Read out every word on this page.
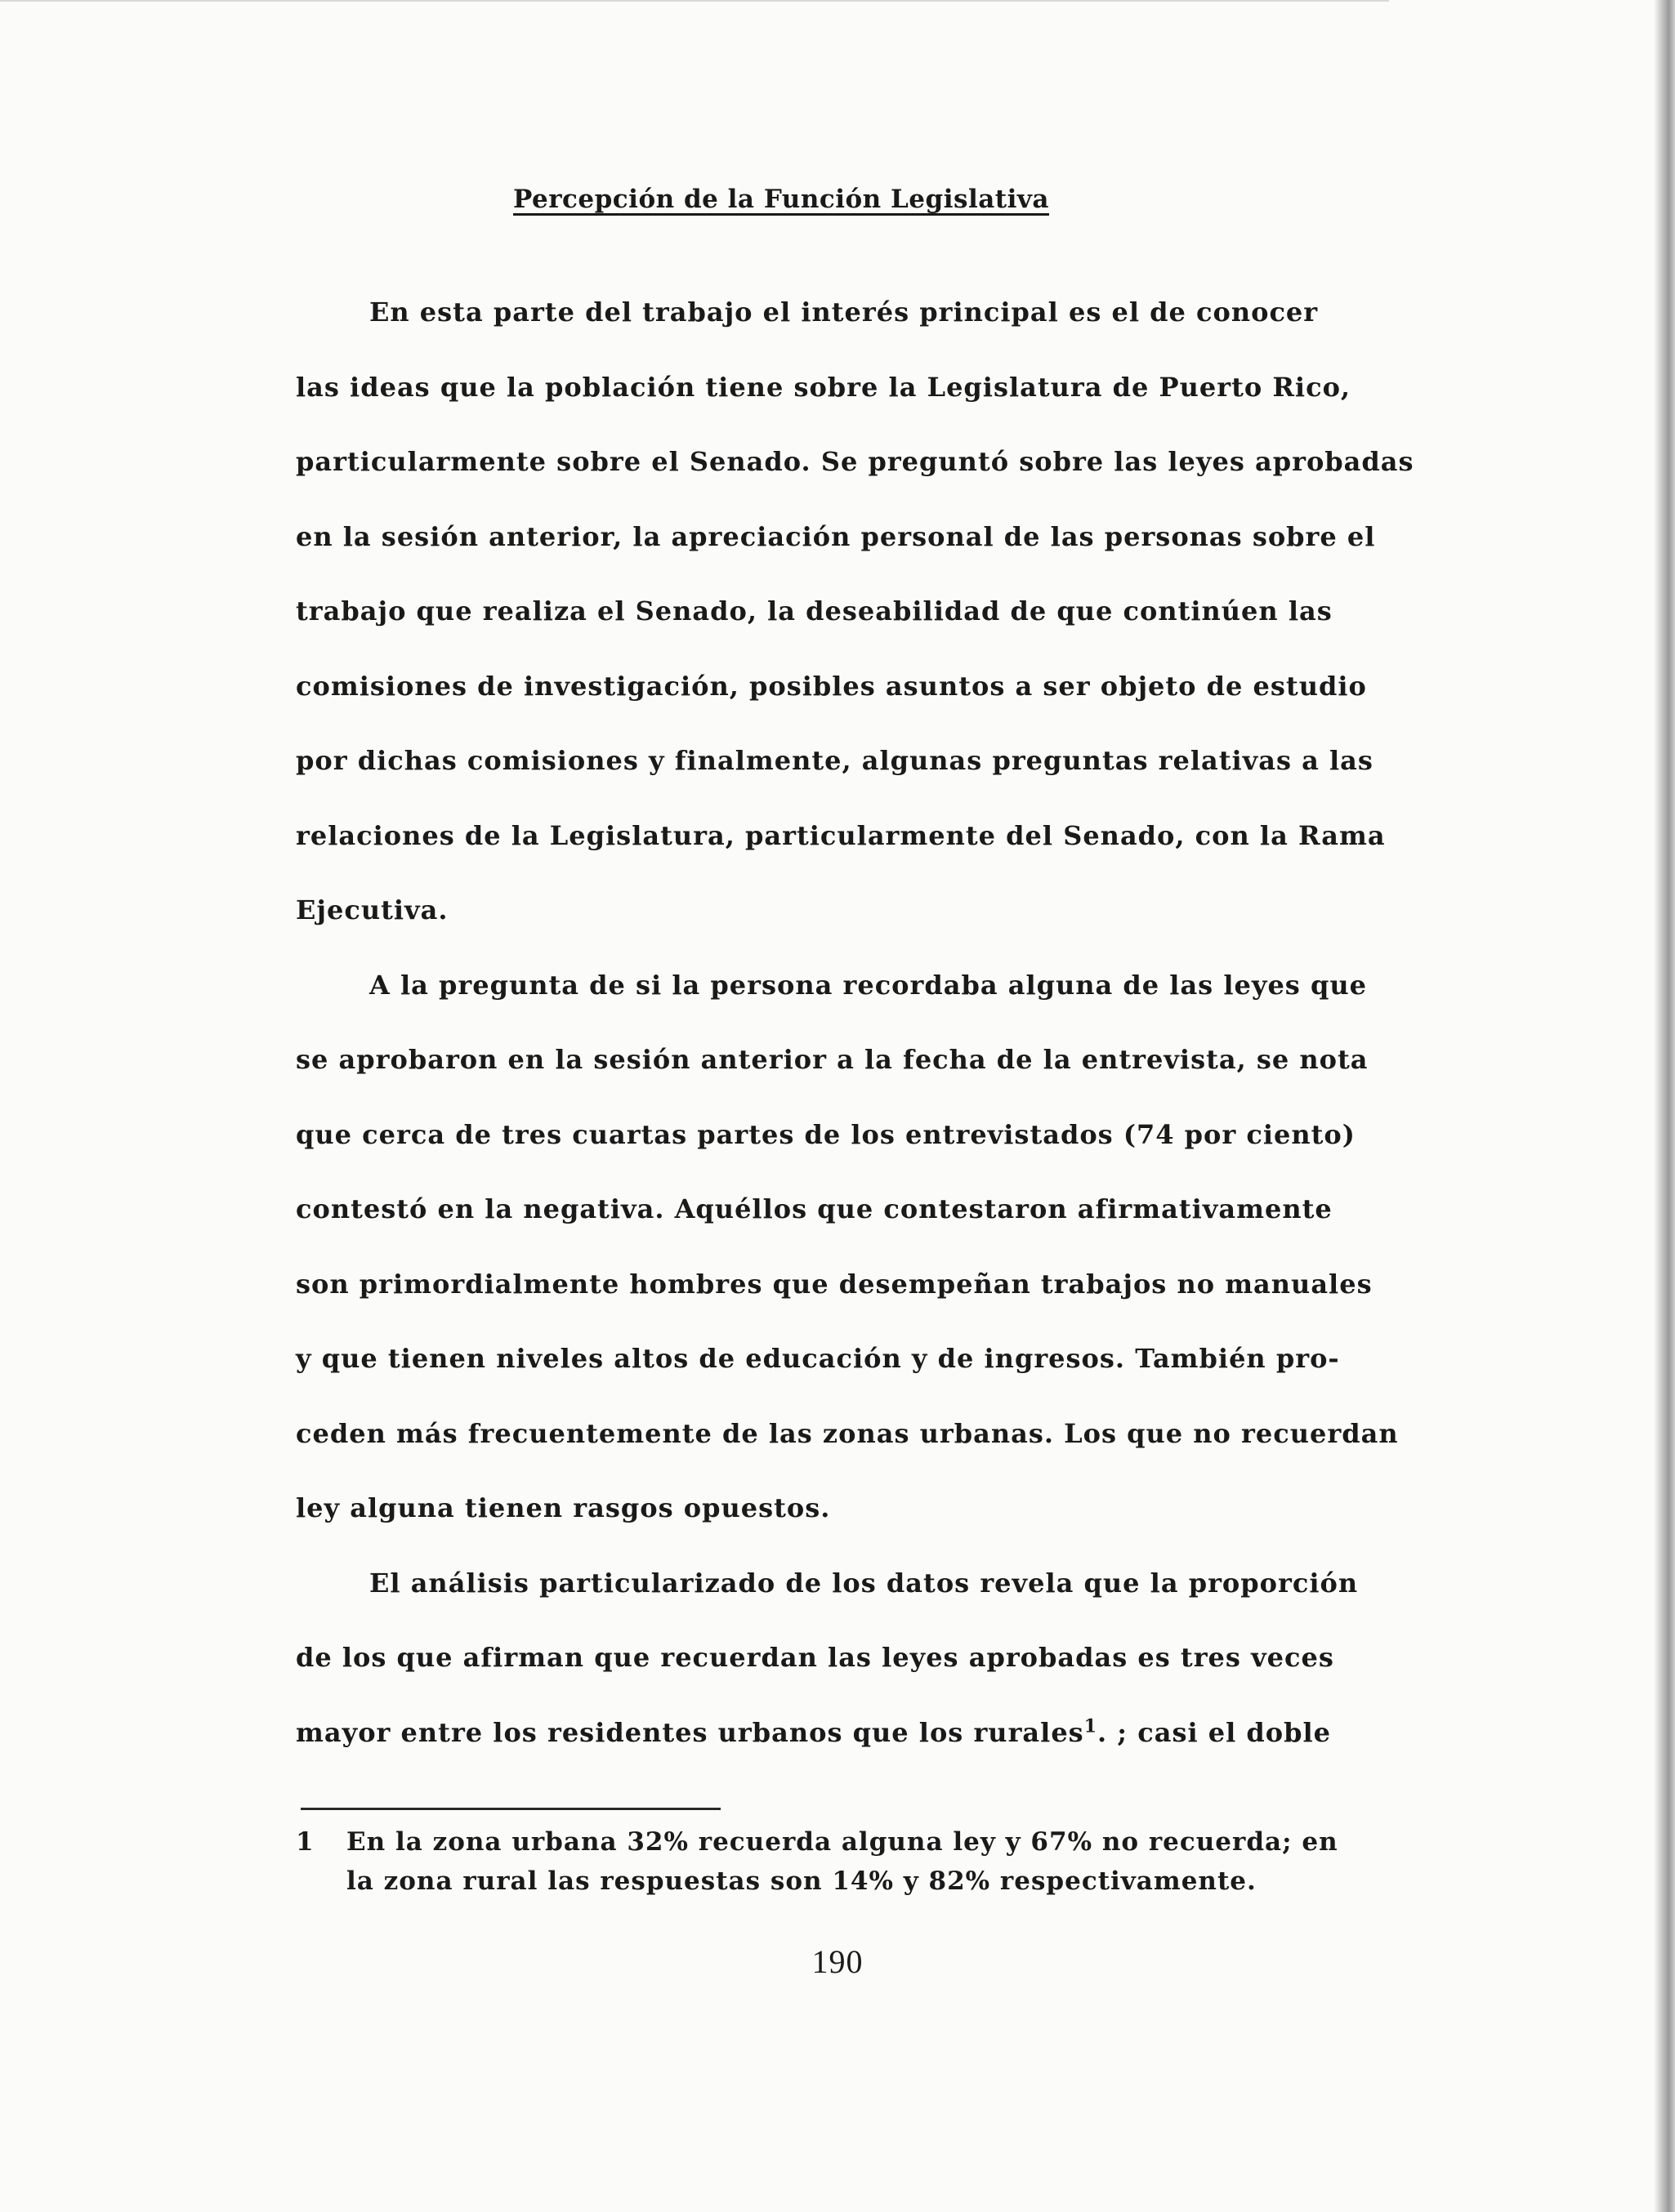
Percepción de la Función Legislativa
En esta parte del trabajo el interés principal es el de conocer
las ideas que la población tiene sobre la Legislatura de Puerto Rico,
particularmente sobre el Senado. Se preguntó sobre las leyes aprobadas
en la sesión anterior, la apreciación personal de las personas sobre el
trabajo que realiza el Senado, la deseabilidad de que continúen las
comisiones de investigación, posibles asuntos a ser objeto de estudio
por dichas comisiones y finalmente, algunas preguntas relativas a las
relaciones de la Legislatura, particularmente del Senado, con la Rama
Ejecutiva.
A la pregunta de si la persona recordaba alguna de las leyes que
se aprobaron en la sesión anterior a la fecha de la entrevista, se nota
que cerca de tres cuartas partes de los entrevistados (74 por ciento)
contestó en la negativa. Aquéllos que contestaron afirmativamente
son primordialmente hombres que desempeñan trabajos no manuales
y que tienen niveles altos de educación y de ingresos. También pro-
ceden más frecuentemente de las zonas urbanas. Los que no recuerdan
ley alguna tienen rasgos opuestos.
El análisis particularizado de los datos revela que la proporción
de los que afirman que recuerdan las leyes aprobadas es tres veces
mayor entre los residentes urbanos que los rurales$^1$. ; casi el doble
1	En la zona urbana 32% recuerda alguna ley y 67% no recuerda; en
la zona rural las respuestas son 14% y 82% respectivamente.
190
